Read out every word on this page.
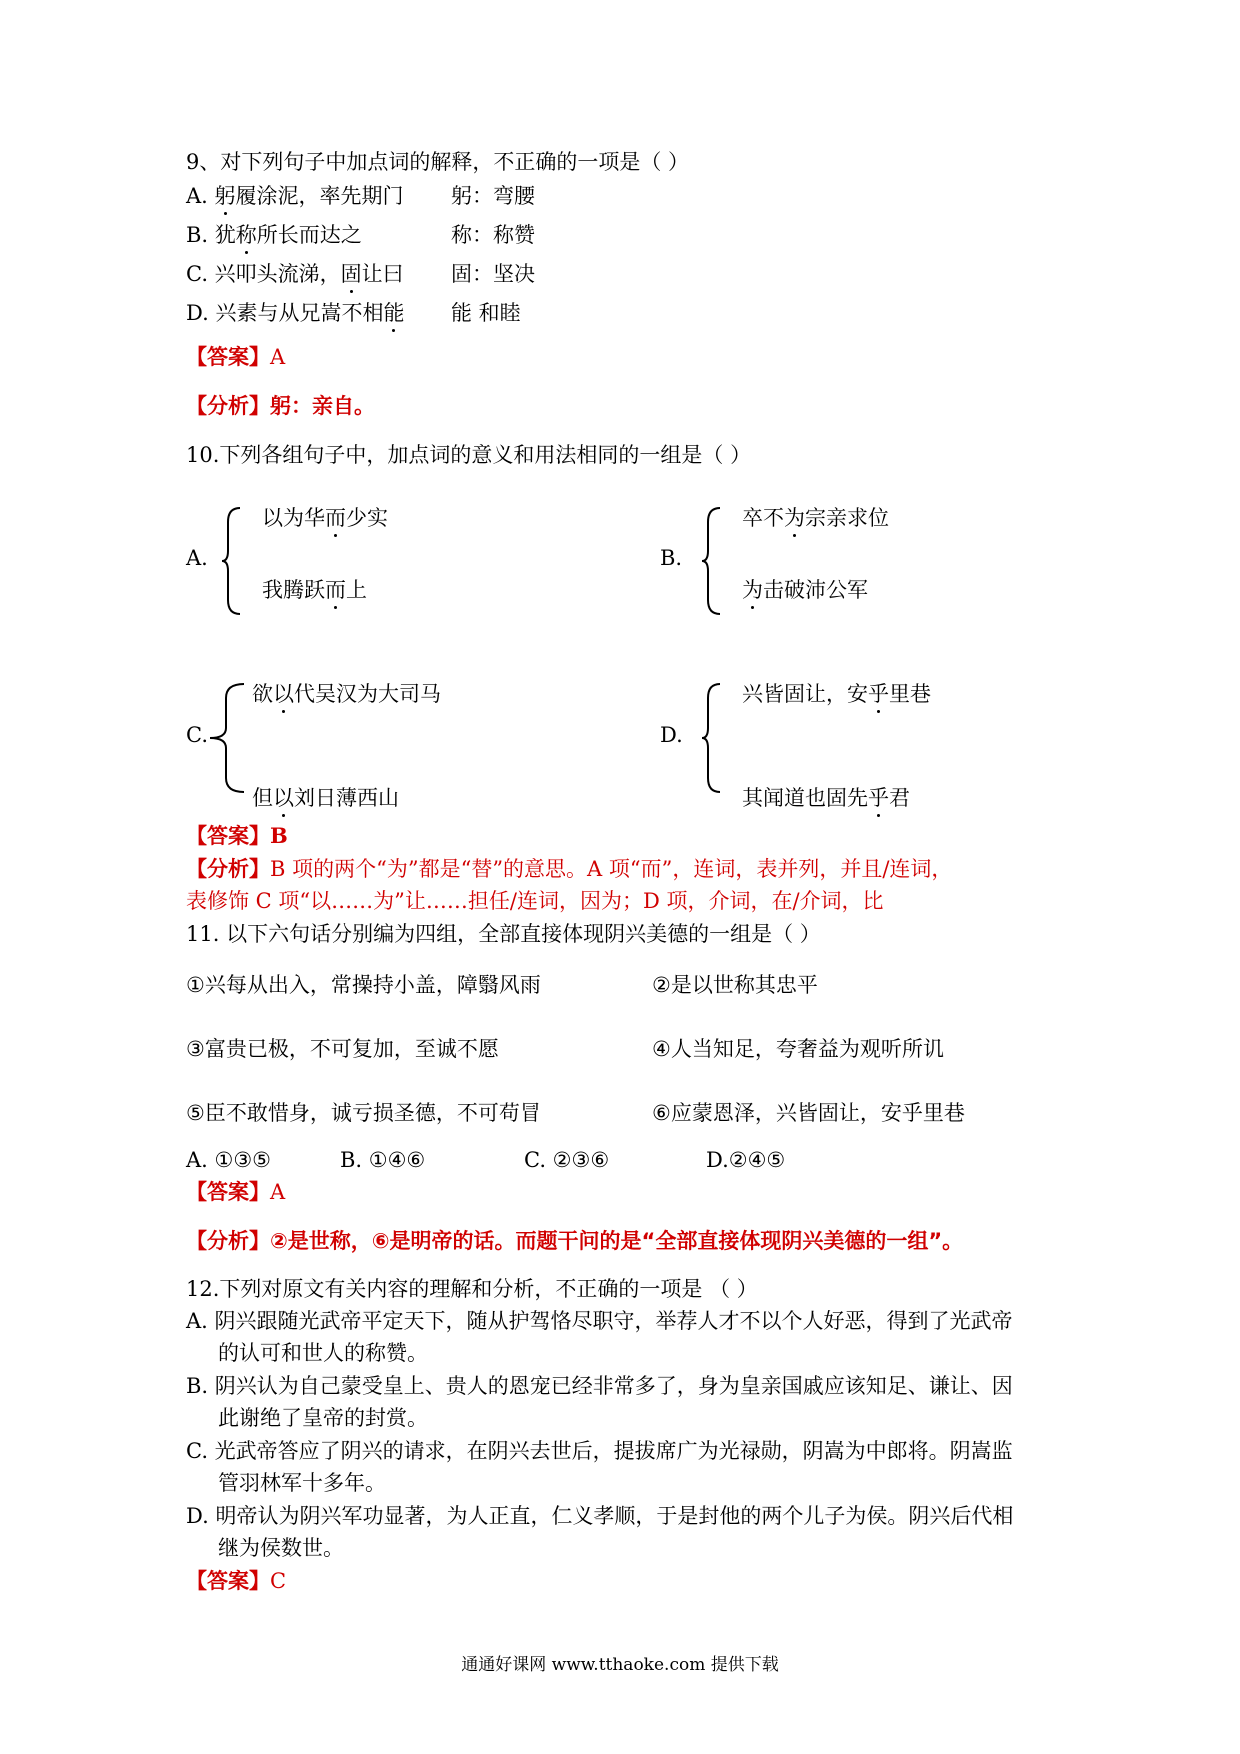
9、对下列句子中加点词的解释，不正确的一项是（ ）
A. 躬履涂泥，率先期门 躬：弯腰
B. 犹称所长而达之	称：称赞
C. 兴叩头流涕，固让曰 固：坚决
D. 兴素与从兄嵩不相能 能 和睦
【答案】A
【分析】躬：亲自。
10.下列各组句子中，加点词的意义和用法相同的一组是（ ）
A.
以为华而少实
我腾跃而上
B.
卒不为宗亲求位
为击破沛公军
C.
欲以代吴汉为大司马
但以刘日薄西山
D.
兴皆固让，安乎里巷
其闻道也固先乎君
【答案】B
【分析】B 项的两个“为”都是“替”的意思。A 项“而”，连词，表并列，并且/连词，
表修饰 C 项“以……为”让……担任/连词，因为；D 项，介词，在/介词，比
11. 以下六句话分别编为四组，全部直接体现阴兴美德的一组是（ ）
①兴每从出入，常操持小盖，障翳风雨	②是以世称其忠平
③富贵已极，不可复加，至诚不愿	④人当知足，夸奢益为观听所讥
⑤臣不敢惜身，诚亏损圣德，不可苟冒	⑥应蒙恩泽，兴皆固让，安乎里巷
A. ①③⑤	B. ①④⑥	C. ②③⑥	D.②④⑤
【答案】A
【分析】②是世称，⑥是明帝的话。而题干问的是“全部直接体现阴兴美德的一组”。
12.下列对原文有关内容的理解和分析，不正确的一项是 （ ）
A. 阴兴跟随光武帝平定天下，随从护驾恪尽职守，举荐人才不以个人好恶，得到了光武帝
的认可和世人的称赞。
B. 阴兴认为自己蒙受皇上、贵人的恩宠已经非常多了，身为皇亲国戚应该知足、谦让、因
此谢绝了皇帝的封赏。
C. 光武帝答应了阴兴的请求，在阴兴去世后，提拔席广为光禄勋，阴嵩为中郎将。阴嵩监
管羽林军十多年。
D. 明帝认为阴兴军功显著，为人正直，仁义孝顺，于是封他的两个儿子为侯。阴兴后代相
继为侯数世。
【答案】C
通通好课网 www.tthaoke.com 提供下载
